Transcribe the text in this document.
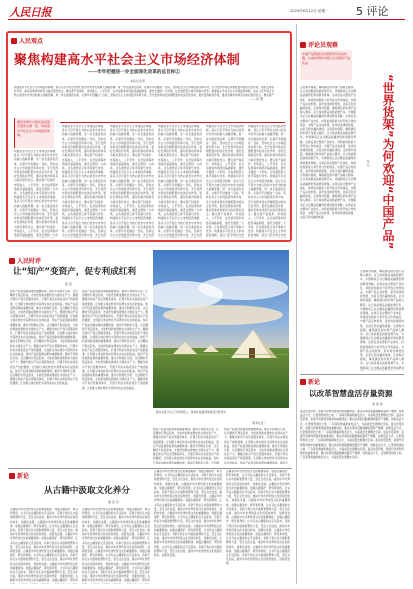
人民日报	2024年6月12日 星期一 5 评论
人民观点
聚焦构建高水平社会主义市场经济体制
——牢牢把握进一步全面深化改革的总目标①
本报评论部
构建高水平社会主义市场经济体制，是以习近平同志为核心的党中央作出的重大战略部署。进一步全面深化改革，必须牢牢把握这一目标，坚持社会主义市场经济改革方向，充分发挥市场在资源配置中的决定性作用，更好发挥政府作用，推动有效市场和有为政府更好结合。要完善产权保护、市场准入、公平竞争、社会信用等市场经济基础制度，建设全国统一大市场，让各类经营主体平等参与竞争。构建高水平社会主义市场经济体制，是以习近平同志为核心的党中央作出的重大战略部署。进一步全面深化改革，必须牢牢把握这一目标，坚持社会主义市场经济改革方向，充分发挥市场在资源配置中的决定性作用，更好发挥政府作用，推动有效市场和有为政府更好结合。要完善产
——何 慧
要把改革作为推动高质量发展的关键一招，构建高水平社会主义市场经济体制。
构建高水平社会主义市场经济体制，是以习近平同志为核心的党中央作出的重大战略部署。进一步全面深化改革，必须牢牢把握这一目标，坚持社会主义市场经济改革方向，充分发挥市场在资源配置中的决定性作用，更好发挥政府作用，推动有效市场和有为政府更好结合。要完善产权保护、市场准入、公平竞争、社会信用等市场经济基础制度，建设全国统一大市场，让各类经营主体平等参与竞争。构建高水平社会主义市场经济体制，是以习近平同志为核心的党中央作出的重大战略部署。进一步全面深化改革，必须牢牢把握这一目标，坚持社会主义市场经济改革方向，充分发挥市场在资源配置中的决定性作用，更好发挥政府作用，推动有效市场和有为政府更好结合。要完善产权保护、市场准入、公平竞争、社会信用等市场经济基础制度，建设全国统一大市
构建高水平社会主义市场经济体制，是以习近平同志为核心的党中央作出的重大战略部署。进一步全面深化改革，必须牢牢把握这一目标，坚持社会主义市场经济改革方向，充分发挥市场在资源配置中的决定性作用，更好发挥政府作用，推动有效市场和有为政府更好结合。要完善产权保护、市场准入、公平竞争、社会信用等市场经济基础制度，建设全国统一大市场，让各类经营主体平等参与竞争。构建高水平社会主义市场经济体制，是以习近平同志为核心的党中央作出的重大战略部署。进一步全面深化改革，必须牢牢把握这一目标，坚持社会主义市场经济改革方向，充分发挥市场在资源配置中的决定性作用，更好发挥政府作用，推动有效市场和有为政府更好结合。要完善产权保护、市场准入、公平竞争、社会信用等市场经济基础制度，建设全国统一大市场，让各类经营主体平等参与竞争。构建高水平社会主义市场经济体制，是以习近平同志为核心的党中央作出的重大战略部署。进一步全面深化改革，必须牢牢把握这一目标，坚持社会主义市场经济改革方向，充分发挥
构建高水平社会主义市场经济体制，是以习近平同志为核心的党中央作出的重大战略部署。进一步全面深化改革，必须牢牢把握这一目标，坚持社会主义市场经济改革方向，充分发挥市场在资源配置中的决定性作用，更好发挥政府作用，推动有效市场和有为政府更好结合。要完善产权保护、市场准入、公平竞争、社会信用等市场经济基础制度，建设全国统一大市场，让各类经营主体平等参与竞争。构建高水平社会主义市场经济体制，是以习近平同志为核心的党中央作出的重大战略部署。进一步全面深化改革，必须牢牢把握这一目标，坚持社会主义市场经济改革方向，充分发挥市场在资源配置中的决定性作用，更好发挥政府作用，推动有效市场和有为政府更好结合。要完善产权保护、市场准入、公平竞争、社会信用等市场经济基础制度，建设全国统一大市场，让各类经营主体平等参与竞争。构建高水平社会主义市场经济体制，是以习近平同志为核心的党中央作出的重大战略部署。进一步全面深化改革，必须牢牢把握这一目标，坚持社会主义市场经济改革方向，充分发挥
构建高水平社会主义市场经济体制，是以习近平同志为核心的党中央作出的重大战略部署。进一步全面深化改革，必须牢牢把握这一目标，坚持社会主义市场经济改革方向，充分发挥市场在资源配置中的决定性作用，更好发挥政府作用，推动有效市场和有为政府更好结合。要完善产权保护、市场准入、公平竞争、社会信用等市场经济基础制度，建设全国统一大市场，让各类经营主体平等参与竞争。构建高水平社会主义市场经济体制，是以习近平同志为核心的党中央作出的重大战略部署。进一步全面深化改革，必须牢牢把握这一目标，坚持社会主义市场经济改革方向，充分发挥市场在资源配置中的决定性作用，更好发挥政府作用，推动有效市场和有为政府更好结合。要完善产权保护、市场准入、公平竞争、社会信用等市场经济基础制度，建设全国统一大市场，让各类经营主体平等参与竞争。构建高水平社会主义市场经济体制，是以习近平同志为核心的党中央作出的重大战略部署。进一步全面深化改革，必须牢牢把握这一目标，坚持社会主义市场经济改革方向，充分发挥
构建高水平社会主义市场经济体制，是以习近平同志为核心的党中央作出的重大战略部署。进一步全面深化改革，必须牢牢把握这一目标，坚持社会主义市场经济改革方向，充分发挥市场在资源配置中的决定性作用，更好发挥政府作用，推动有效市场和有为政府更好结合。要完善产权保护、市场准入、公平竞争、社会信用等市场经济基础制度，建设全国统一大市场，让各类经营主体平等参与竞争。构建高水平社会主义市场经济体制，是以习近平同志为核心的党中央作出的重大战略部署。进一步全面深化改革，必须牢牢把握这一目标，坚持社会主义市场经济改革方向，充分发挥市场在资源配置中的决定性作用，更好发挥政府作用，推动有效市场和有为政府更好结合。要完善产权保护、市场准入、公平竞争、社会信用等市场经济基础制度，建设全国统一大市场，让各类经营主体平等参与竞争。构建高水平社会主义市场经济体制，是以习近平同志为核
构建高水平社会主义市场经济体制，是以习近平同志为核心的党中央作出的重大战略部署。进一步全面深化改革，必须牢牢把握这一目标，坚持社会主义市场经济改革方向，充分发挥市场在资源配置中的决定性作用，更好发挥政府作用，推动有效市场和有为政府更好结合。要完善产权保护、市场准入、公平竞争、社会信用等市场经济基础制度，建设全国统一大市场，让各类经营主体平等参与竞争。构建高水平社会主义市场经济体制，是以习近平同志为核心的党中央作出的重大战略部署。进一步全面深化改革，必须牢牢把握这一目标，坚持社会主义市场经济改革方向，充分发挥市场在资源配置中的决定性作用，更好发挥政府作用，推动有效市场和有为政府更好结合。要完善产权保护、市场准入、公平竞争、社会信用等市场经济基础制度，建设全国统一大市场，让各类经营主体平等参与竞争。构建高水平社会主义市场经济体制，是以习近平同志为核
评论员观察
中国产品既拥有世界经济带来的机遇，也被世界的中国让任何国家产品获益
“世界货架”为何欢迎“中国产品”
张 凡
走进海外商超，琳琅满目的中国产品映入眼帘。从日常消费品到新能源汽车，中国制造正以过硬品质赢得世界消费者青睐。这背后是完整的产业体系、持续的创新能力和开放合作的诚意。中国产品走向世界，是市场选择的结果，也是互利共赢的体现。走进海外商超，琳琅满目的中国产品映入眼帘。从日常消费品到新能源汽车，中国制造正以过硬品质赢得世界消费者青睐。这背后是完整的产业体系、持续的创新能力和开放合作的诚意。中国产品走向世界，是市场选择的结果，也是互利共赢的体现。走进海外商超，琳琅满目的中国产品映入眼帘。从日常消费品到新能源汽车，中国制造正以过硬品质赢得世界消费者青睐。这背后是完整的产业体系、持续的创新能力和开放合作的诚意。中国产品走向世界，是市场选择的结果，也是互利共赢的体现。走进海外商超，琳琅满目的中国产品映入眼帘。从日常消费品到新能源汽车，中国制造正以过硬品质赢得世界消费者青睐。这背后是完整的产业体系、持续的创新能力和开放合作的诚意。中国产品走向世界，是市场选择的结果，也是互利共赢的体现。走进海外商超，琳琅满目的中国产品映入眼帘。从日常消费品到新能源汽车，中国制造正以过硬品质赢得世界消费者青睐。这背后是完整的产业体系、持续的创新能力和开放合作的诚意。中国产品走向世界，是市场选择的结果，也是互利共赢的体现。走进海外商超，琳琅满目的中国产品映入眼帘。从日常消费品到新能源汽车，中国制造正以过硬品质赢得世界消费者青睐。这背后是完整的产业体系、持续的创新能力和开放合作的诚意。中国产品走向世界，是市场选择的结果，也是互利共赢的体现。
走进海外商超，琳琅满目的中国产品映入眼帘。从日常消费品到新能源汽车，中国制造正以过硬品质赢得世界消费者青睐。这背后是完整的产业体系、持续的创新能力和开放合作的诚意。中国产品走向世界，是市场选择的结果，也是互利共赢的体现。走进海外商超，琳琅满目的中国产品映入眼帘。从日常消费品到新能源汽车，中国制造正以过硬品质赢得世界消费者青睐。这背后是完整的产业体系、持续的创新能力和开放合作的诚意。中国产品走向世界，是市场选择的结果，也是互利共赢的体现。走进海外商超，琳琅满目的中国产品映入眼帘。从日常消费品到新能源汽车，中国制造正以过硬品质赢得世界消费者青睐。这背后是完整的产业体系、持续的创新能力和开放合作的诚意。中国产品走向世界，是市场选择的结果，也是互利共赢的体现。走进海外商超，琳琅满目的中国产品映入眼帘。从日常消费品到新能源汽车，中国制造正以过硬品质赢得世界消费者
人民时评
让“知产”变资产，促专利成红利
陈 铭
知识产权是创新成果的重要体现。推动专利转化运用，让沉睡的专利活起来，才能把创新成果转化为现实生产力。要健全知识产权运营服务体系，打通专利从实验室到生产线的通道，让创新主体在转化中获得实实在在的收益。知识产权是创新成果的重要体现。推动专利转化运用，让沉睡的专利活起来，才能把创新成果转化为现实生产力。要健全知识产权运营服务体系，打通专利从实验室到生产线的通道，让创新主体在转化中获得实实在在的收益。知识产权是创新成果的重要体现。推动专利转化运用，让沉睡的专利活起来，才能把创新成果转化为现实生产力。要健全知识产权运营服务体系，打通专利从实验室到生产线的通道，让创新主体在转化中获得实实在在的收益。知识产权是创新成果的重要体现。推动专利转化运用，让沉睡的专利活起来，才能把创新成果转化为现实生产力。要健全知识产权运营服务体系，打通专利从实验室到生产线的通道，让创新主体在转化中获得实实在在的收益。知识产权是创新成果的重要体现。推动专利转化运用，让沉睡的专利活起来，才能把创新成果转化为现实生产力。要健全知识产权运营服务体系，打通专利从实验室到生产线的通道，让创新主体在转化中获得实实在在的收益。知识产权是创新成果的重要体现。推动专利转化运用，让沉睡的专利活起来，才能把创新成果转化为现实生产力。要健全知识产权运营服务体系，打通专利从实验室到生产线的通道，让创新主体在转化中获得实实在在的收益。
知识产权是创新成果的重要体现。推动专利转化运用，让沉睡的专利活起来，才能把创新成果转化为现实生产力。要健全知识产权运营服务体系，打通专利从实验室到生产线的通道，让创新主体在转化中获得实实在在的收益。知识产权是创新成果的重要体现。推动专利转化运用，让沉睡的专利活起来，才能把创新成果转化为现实生产力。要健全知识产权运营服务体系，打通专利从实验室到生产线的通道，让创新主体在转化中获得实实在在的收益。知识产权是创新成果的重要体现。推动专利转化运用，让沉睡的专利活起来，才能把创新成果转化为现实生产力。要健全知识产权运营服务体系，打通专利从实验室到生产线的通道，让创新主体在转化中获得实实在在的收益。知识产权是创新成果的重要体现。推动专利转化运用，让沉睡的专利活起来，才能把创新成果转化为现实生产力。要健全知识产权运营服务体系，打通专利从实验室到生产线的通道，让创新主体在转化中获得实实在在的收益。知识产权是创新成果的重要体现。推动专利转化运用，让沉睡的专利活起来，才能把创新成果转化为现实生产力。要健全知识产权运营服务体系，打通专利从实验室到生产线的通道，让创新主体在转化中获得实实在在的收益。知识产权是创新成果的重要体现。推动专利转化运用，让沉睡的专利活起来，才能把创新成果转化为现实生产力。要健全知识产权运营服务体系，打通专利从实验室到生产线的通道，让创新主体在转化中获得实实在在的收益。
图为在蓝天白云下的草原上，游客在帐篷营地感受自然风光。
（新华社发）
知识产权是创新成果的重要体现。推动专利转化运用，让沉睡的专利活起来，才能把创新成果转化为现实生产力。要健全知识产权运营服务体系，打通专利从实验室到生产线的通道，让创新主体在转化中获得实实在在的收益。知识产权是创新成果的重要体现。推动专利转化运用，让沉睡的专利活起来，才能把创新成果转化为现实生产力。要健全知识产权运营服务体系，打通专利从实验室到生产线的通道，让创新主体在转化中获得实实在在的收益。知识产权是创新成果的重要体现。推动专利转化运用，让沉睡
知识产权是创新成果的重要体现。推动专利转化运用，让沉睡的专利活起来，才能把创新成果转化为现实生产力。要健全知识产权运营服务体系，打通专利从实验室到生产线的通道，让创新主体在转化中获得实实在在的收益。知识产权是创新成果的重要体现。推动专利转化运用，让沉睡的专利活起来，才能把创新成果转化为现实生产力。要健全知识产权运营服务体系，打通专利从实验室到生产线的通道，让创新主体在转化中获得实实在在的收益。知识产权是创新成果的重要体现。推动专
新论
以改革智慧盘活存量资源
周 建 锋
盘活存量资源，是提升资源利用效率的重要途径。要以改革的思路破解闲置资产难题，创新盘活方式，让低效利用的土地、厂房等资源重新焕发活力，为高质量发展腾出空间。盘活存量资源，是提升资源利用效率的重要途径。要以改革的思路破解闲置资产难题，创新盘活方式，让低效利用的土地、厂房等资源重新焕发活力，为高质量发展腾出空间。盘活存量资源，是提升资源利用效率的重要途径。要以改革的思路破解闲置资产难题，创新盘活方式，让低效利用的土地、厂房等资源重新焕发活力，为高质量发展腾出空间。盘活存量资源，是提升资源利用效率的重要途径。要以改革的思路破解闲置资产难题，创新盘活方式，让低效利用的土地、厂房等资源重新焕发活力，为高质量发展腾出空间。盘活存量资源，是提升资源利用效率的重要途径。要以改革的思路破解闲置资产难题，创新盘活方式，让低效利用的土地、厂房等资源重新焕发活力，为高质量发展腾出空间。盘活存量资源，是提升资源利用效率的重要途径。要以改革的思路破解闲置资产难题，创新盘活方式，让低效利用的土地、厂房等资源重新焕发活力，为高质量发展腾出空间。
新论
从古籍中汲取文化养分
谢 金 亮
古籍是中华优秀传统文化的重要载体。加强古籍保护、研究和利用，让书写在古籍里的文字活起来，有助于我们从中汲取智慧和力量，坚定文化自信，推动中华优秀传统文化创造性转化、创新性发展。古籍是中华优秀传统文化的重要载体。加强古籍保护、研究和利用，让书写在古籍里的文字活起来，有助于我们从中汲取智慧和力量，坚定文化自信，推动中华优秀传统文化创造性转化、创新性发展。古籍是中华优秀传统文化的重要载体。加强古籍保护、研究和利用，让书写在古籍里的文字活起来，有助于我们从中汲取智慧和力量，坚定文化自信，推动中华优秀传统文化创造性转化、创新性发展。古籍是中华优秀传统文化的重要载体。加强古籍保护、研究和利用，让书写在古籍里的文字活起来，有助于我们从中汲取智慧和力量，坚定文化自信，推动中华优秀传统文化创造性转化、创新性发展。古籍是中华优秀传统文化的重要载体。加强古籍保护、研究和利用，让书写在古籍里的文字活起来，有助于我们从中汲取智慧和力量，坚定文化自信，推动中华优秀传统文化创造性转化、创新性发展。古籍是中华优秀传统文化的重要载体。加强古籍保护、研究和
古籍是中华优秀传统文化的重要载体。加强古籍保护、研究和利用，让书写在古籍里的文字活起来，有助于我们从中汲取智慧和力量，坚定文化自信，推动中华优秀传统文化创造性转化、创新性发展。古籍是中华优秀传统文化的重要载体。加强古籍保护、研究和利用，让书写在古籍里的文字活起来，有助于我们从中汲取智慧和力量，坚定文化自信，推动中华优秀传统文化创造性转化、创新性发展。古籍是中华优秀传统文化的重要载体。加强古籍保护、研究和利用，让书写在古籍里的文字活起来，有助于我们从中汲取智慧和力量，坚定文化自信，推动中华优秀传统文化创造性转化、创新性发展。古籍是中华优秀传统文化的重要载体。加强古籍保护、研究和利用，让书写在古籍里的文字活起来，有助于我们从中汲取智慧和力量，坚定文化自信，推动中华优秀传统文化创造性转化、创新性发展。古籍是中华优秀传统文化的重要载体。加强古籍保护、研究和利用，让书写在古籍里的文字活起来，有助于我们从中汲取智慧和力量，坚定文化自信，推动中华优秀传统文化创造性转化、创新性发展。古籍是中华优秀传统文化的重要载体。加强古籍保护、研究和
古籍是中华优秀传统文化的重要载体。加强古籍保护、研究和利用，让书写在古籍里的文字活起来，有助于我们从中汲取智慧和力量，坚定文化自信，推动中华优秀传统文化创造性转化、创新性发展。古籍是中华优秀传统文化的重要载体。加强古籍保护、研究和利用，让书写在古籍里的文字活起来，有助于我们从中汲取智慧和力量，坚定文化自信，推动中华优秀传统文化创造性转化、创新性发展。古籍是中华优秀传统文化的重要载体。加强古籍保护、研究和利用，让书写在古籍里的文字活起来，有助于我们从中汲取智慧和力量，坚定文化自信，推动中华优秀传统文化创造性转化、创新性发展。古籍是中华优秀传统文化的重要载体。加强古籍保护、研究和利用，让书写在古籍里的文字活起来，有助于我们从中汲取智慧和力量，坚定文化自信，推动中华优秀传统文化创造性转化、创新性发展。古籍是中华优秀传统文化的重要载体。加强古籍保护、研究和利用，让书写在古籍里的文字活起来，有助于我们从中汲取智慧和力量，坚定文化自信，推动中华优秀传统文化创造性转化、创新性发展。古籍是中华优秀传统文化的重要载体。加强古籍保护、研究和利用，让书写在古籍里的文字活起来，有助于我们从中汲取智慧和力量，坚定文化自信，推动中华优秀传统文化创造性转化、创新性发展。
古籍是中华优秀传统文化的重要载体。加强古籍保护、研究和利用，让书写在古籍里的文字活起来，有助于我们从中汲取智慧和力量，坚定文化自信，推动中华优秀传统文化创造性转化、创新性发展。古籍是中华优秀传统文化的重要载体。加强古籍保护、研究和利用，让书写在古籍里的文字活起来，有助于我们从中汲取智慧和力量，坚定文化自信，推动中华优秀传统文化创造性转化、创新性发展。古籍是中华优秀传统文化的重要载体。加强古籍保护、研究和利用，让书写在古籍里的文字活起来，有助于我们从中汲取智慧和力量，坚定文化自信，推动中华优秀传统文化创造性转化、创新性发展。古籍是中华优秀传统文化的重要载体。加强古籍保护、研究和利用，让书写在古籍里的文字活起来，有助于我们从中汲取智慧和力量，坚定文化自信，推动中华优秀传统文化创造性转化、创新性发展。古籍是中华优秀传统文化的重要载体。加强古籍保护、研究和利用，让书写在古籍里的文字活起来，有助于我们从中汲取智慧和力量，坚定文化自信，推动中华优秀传统文化创造性转化、创新性发展。古籍是中华优秀传统文化的重要载体。加强古籍保护、研究和利用，让书写在古籍里的文字活起来，有助于我们从中汲取智慧和力量，坚定文化自信，推动中华优秀传统文化创造性转化、创新性发展。
